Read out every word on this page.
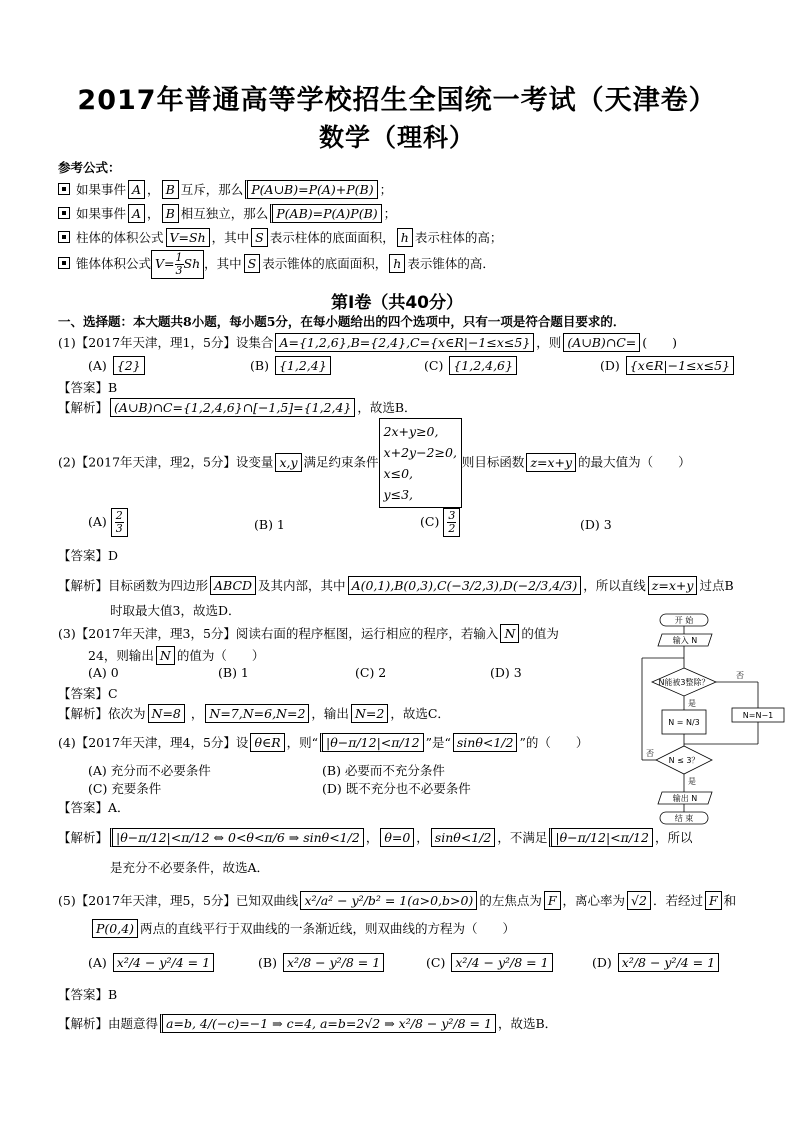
2017年普通高等学校招生全国统一考试（天津卷）
数学（理科）
参考公式：
如果事件 A ， B 互斥，那么 P(A∪B)=P(A)+P(B) ；
如果事件 A ， B 相互独立，那么 P(AB)=P(A)P(B) ；
柱体的体积公式 V=Sh ，其中 S 表示柱体的底面面积， h 表示柱体的高；
锥体体积公式 $V= \frac{1}{3}$ Sh ，其中 S 表示锥体的底面面积， h 表示锥体的高．
第Ⅰ卷（共40分）
一、选择题：本大题共8小题，每小题5分，在每小题给出的四个选项中，只有一项是符合题目要求的．
(1)【2017年天津，理1，5分】设集合 A={1,2,6},B={2,4},C={x∈R|−1≤x≤5} ，则 (A∪B)∩C= (　　)
(A) {2}	(B) {1,2,4}	(C) {1,2,4,6}	(D) {x∈R|−1≤x≤5}
【答案】B
【解析】 (A∪B)∩C={1,2,4,6}∩[−1,5]={1,2,4} ，故选B．
(2)【2017年天津，理2，5分】设变量 x,y 满足约束条件
2x+y≥0,
x+2y−2≥0,
x≤0,
y≤3,
则目标函数 z=x+y 的最大值为（　　）
$(A) \frac{2}{3}$	(B) 1	$(C) \frac{3}{2}$	(D) 3
【答案】D
【解析】目标函数为四边形 ABCD 及其内部，其中 A(0,1),B(0,3),C(−3/2,3),D(−2/3,4/3) ，所以直线 z=x+y 过点B
时取最大值3，故选D．
(3)【2017年天津，理3，5分】阅读右面的程序框图，运行相应的程序，若输入 N 的值为
24，则输出 N 的值为（　　）
(A) 0	(B) 1	(C) 2	(D) 3
【答案】C
【解析】依次为 N=8 ， N=7,N=6,N=2 ，输出 N=2 ，故选C．
开 始
输入 N
N能被3整除？
是
否
N = N/3
N=N−1
N ≤ 3？
否
是
输出 N
结 束
(4)【2017年天津，理4，5分】设 θ∈R ，则“ |θ−π/12|<π/12 ”是“ sinθ<1/2 ”的（　　）
(A) 充分而不必要条件	(B) 必要而不充分条件
(C) 充要条件	(D) 既不充分也不必要条件
【答案】A．
【解析】 |θ−π/12|<π/12 ⇔ 0<θ<π/6 ⇒ sinθ<1/2 ， θ=0 ， sinθ<1/2 ，不满足 |θ−π/12|<π/12 ，所以
是充分不必要条件，故选A．
(5)【2017年天津，理5，5分】已知双曲线 x²/a² − y²/b² = 1(a>0,b>0) 的左焦点为 F ，离心率为 √2 ．若经过 F 和
P(0,4) 两点的直线平行于双曲线的一条渐近线，则双曲线的方程为（　　）
(A) x²/4 − y²/4 = 1	(B) x²/8 − y²/8 = 1	(C) x²/4 − y²/8 = 1	(D) x²/8 − y²/4 = 1
【答案】B
【解析】由题意得 a=b, 4/(−c)=−1 ⇒ c=4, a=b=2√2 ⇒ x²/8 − y²/8 = 1 ，故选B．
